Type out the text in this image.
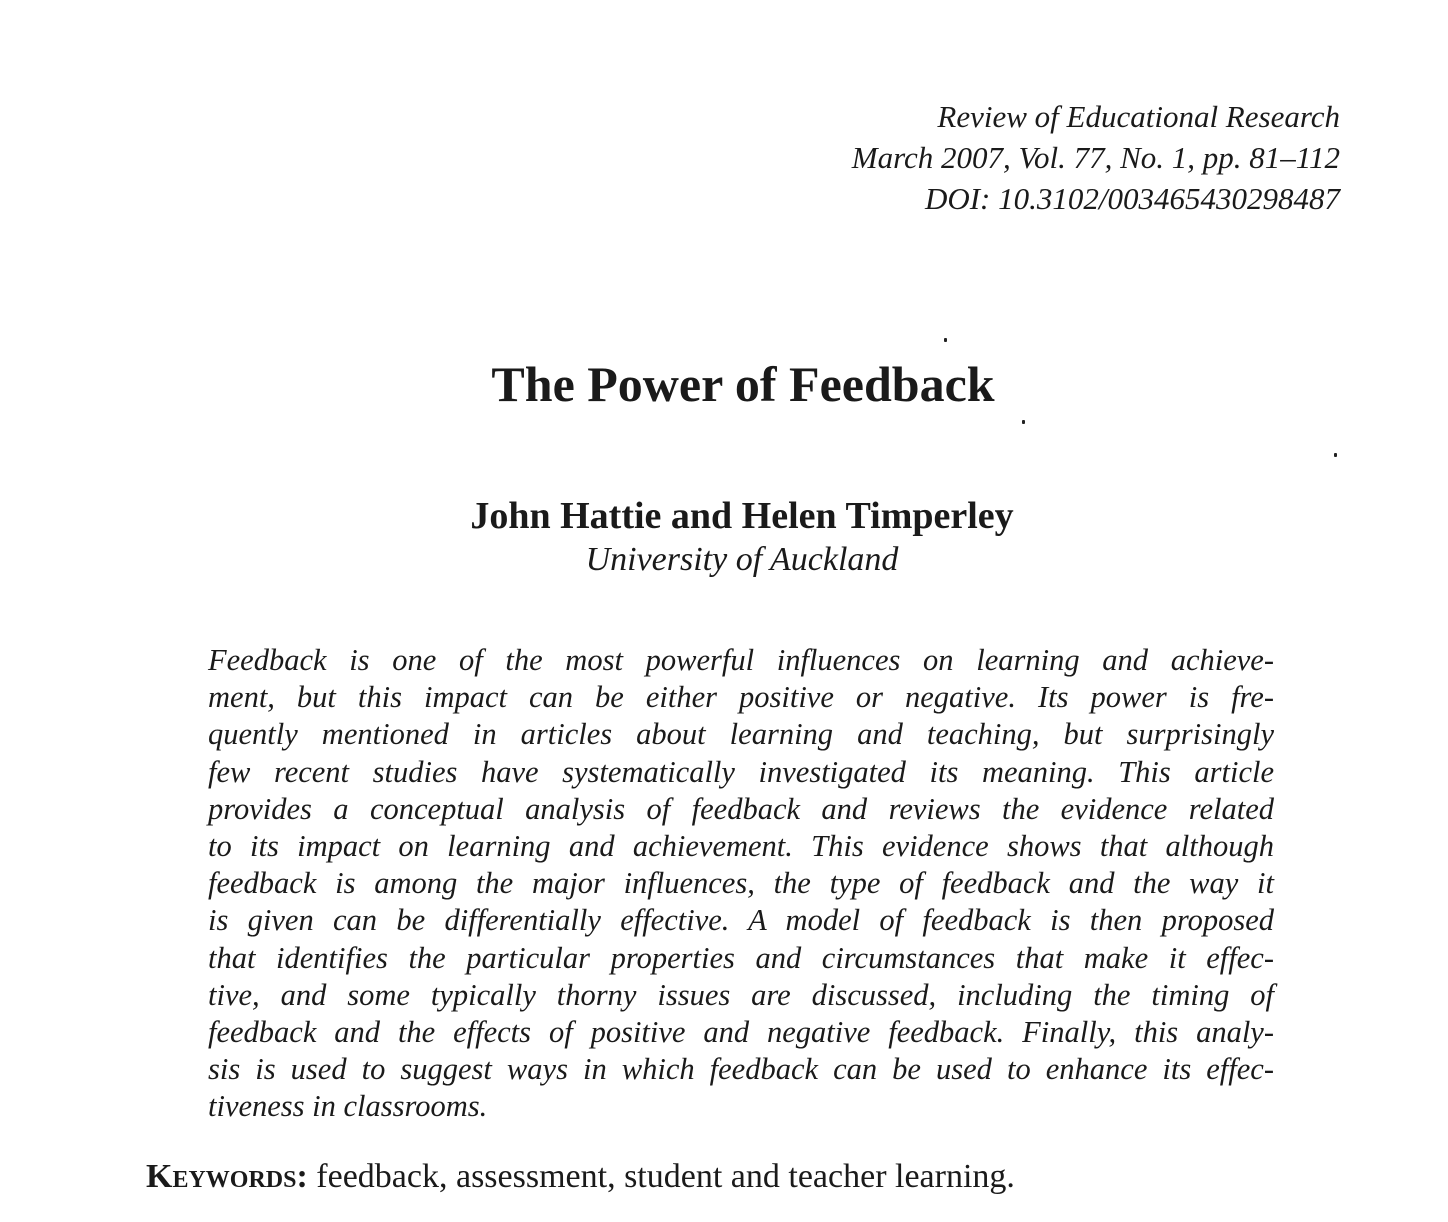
Review of Educational Research
March 2007, Vol. 77, No. 1, pp. 81–112
DOI: 10.3102/003465430298487
The Power of Feedback
John Hattie and Helen Timperley
University of Auckland
Feedback is one of the most powerful influences on learning and achieve-
ment, but this impact can be either positive or negative. Its power is fre-
quently mentioned in articles about learning and teaching, but surprisingly
few recent studies have systematically investigated its meaning. This article
provides a conceptual analysis of feedback and reviews the evidence related
to its impact on learning and achievement. This evidence shows that although
feedback is among the major influences, the type of feedback and the way it
is given can be differentially effective. A model of feedback is then proposed
that identifies the particular properties and circumstances that make it effec-
tive, and some typically thorny issues are discussed, including the timing of
feedback and the effects of positive and negative feedback. Finally, this analy-
sis is used to suggest ways in which feedback can be used to enhance its effec-
tiveness in classrooms.
Keywords: feedback, assessment, student and teacher learning.
